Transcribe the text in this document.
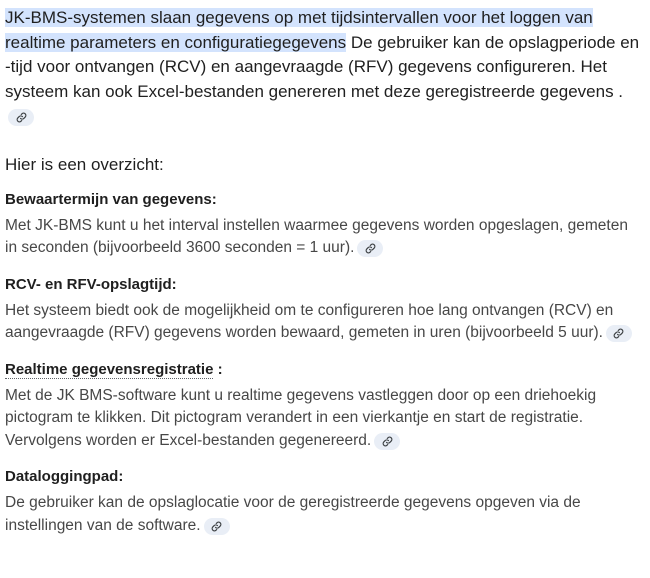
JK-BMS-systemen slaan gegevens op met tijdsintervallen voor het loggen van realtime parameters en configuratiegegevens De gebruiker kan de opslagperiode en -tijd voor ontvangen (RCV) en aangevraagde (RFV) gegevens configureren. Het systeem kan ook Excel-bestanden genereren met deze geregistreerde gegevens .

Hier is een overzicht:

Bewaartermijn van gegevens:

Met JK-BMS kunt u het interval instellen waarmee gegevens worden opgeslagen, gemeten in seconden (bijvoorbeeld 3600 seconden = 1 uur).

RCV- en RFV-opslagtijd:

Het systeem biedt ook de mogelijkheid om te configureren hoe lang ontvangen (RCV) en aangevraagde (RFV) gegevens worden bewaard, gemeten in uren (bijvoorbeeld 5 uur).

Realtime gegevensregistratie :

Met de JK BMS-software kunt u realtime gegevens vastleggen door op een driehoekig pictogram te klikken. Dit pictogram verandert in een vierkantje en start de registratie. Vervolgens worden er Excel-bestanden gegenereerd.

Dataloggingpad:

De gebruiker kan de opslaglocatie voor de geregistreerde gegevens opgeven via de instellingen van de software.
